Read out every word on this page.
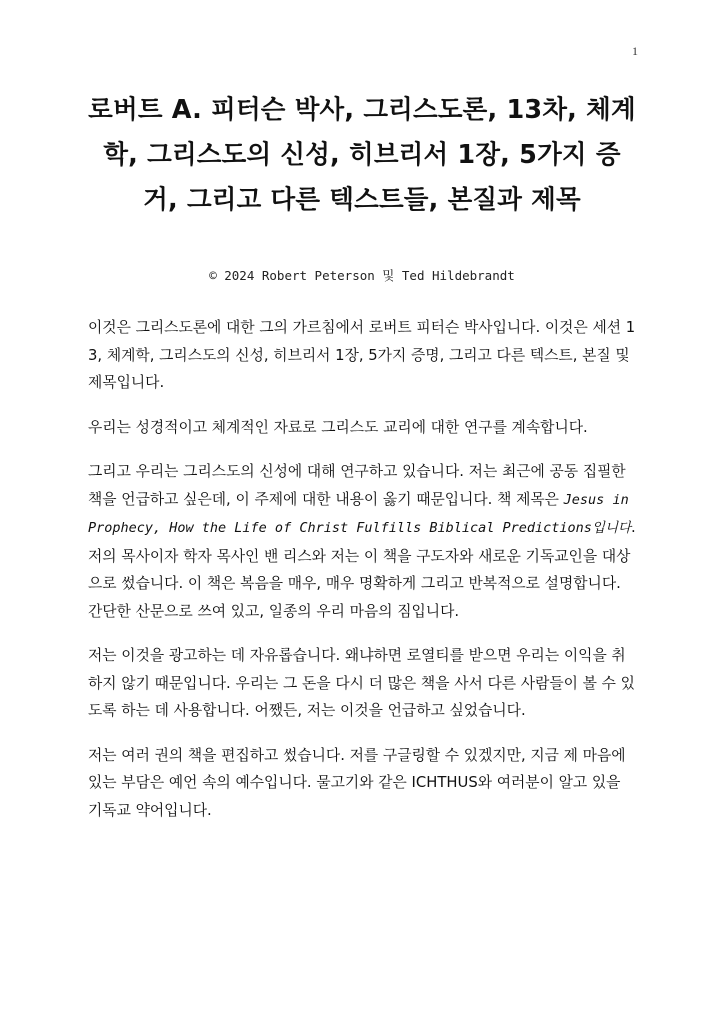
1
로버트 A. 피터슨 박사, 그리스도론, 13차, 체계학, 그리스도의 신성, 히브리서 1장, 5가지 증거, 그리고 다른 텍스트들, 본질과 제목
© 2024 Robert Peterson 및 Ted Hildebrandt

이것은 그리스도론에 대한 그의 가르침에서 로버트 피터슨 박사입니다. 이것은 세션 13, 체계학, 그리스도의 신성, 히브리서 1장, 5가지 증명, 그리고 다른 텍스트, 본질 및 제목입니다.

우리는 성경적이고 체계적인 자료로 그리스도 교리에 대한 연구를 계속합니다.

그리고 우리는 그리스도의 신성에 대해 연구하고 있습니다. 저는 최근에 공동 집필한 책을 언급하고 싶은데, 이 주제에 대한 내용이 옳기 때문입니다. 책 제목은 Jesus in Prophecy, How the Life of Christ Fulfills Biblical Predictions입니다. 저의 목사이자 학자 목사인 밴 리스와 저는 이 책을 구도자와 새로운 기독교인을 대상으로 썼습니다. 이 책은 복음을 매우, 매우 명확하게 그리고 반복적으로 설명합니다. 간단한 산문으로 쓰여 있고, 일종의 우리 마음의 짐입니다.

저는 이것을 광고하는 데 자유롭습니다. 왜냐하면 로열티를 받으면 우리는 이익을 취하지 않기 때문입니다. 우리는 그 돈을 다시 더 많은 책을 사서 다른 사람들이 볼 수 있도록 하는 데 사용합니다. 어쨌든, 저는 이것을 언급하고 싶었습니다.

저는 여러 권의 책을 편집하고 썼습니다. 저를 구글링할 수 있겠지만, 지금 제 마음에 있는 부담은 예언 속의 예수입니다. 물고기와 같은 ICHTHUS와 여러분이 알고 있을 기독교 약어입니다.
